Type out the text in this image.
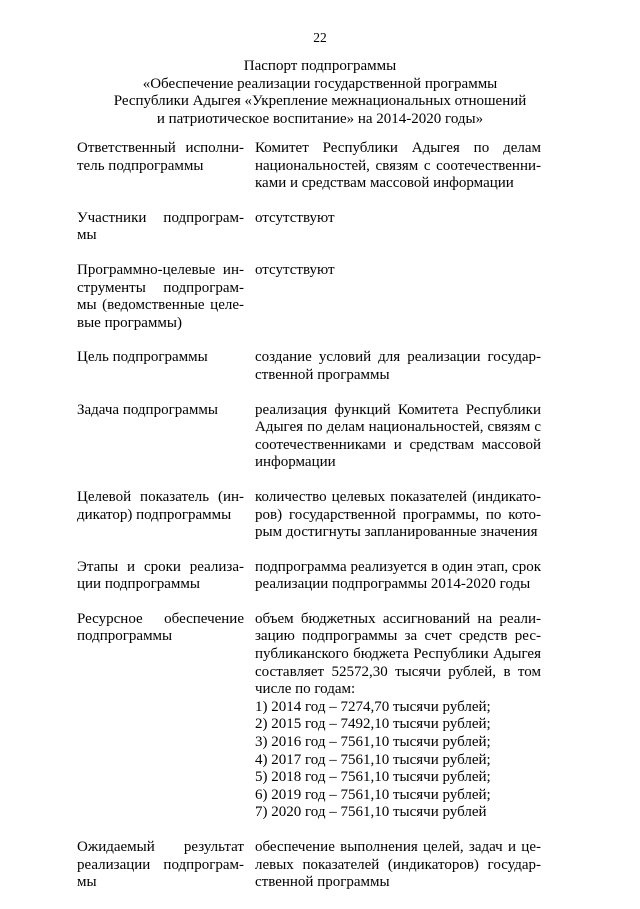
22
Паспорт подпрограммы
«Обеспечение реализации государственной программы
Республики Адыгея «Укрепление межнациональных отношений
и патриотическое воспитание» на 2014-2020 годы»
Ответственный исполнитель подпрограммы
Комитет Республики Адыгея по делам национальностей, связям с соотечественниками и средствам массовой информации
Участники подпрограммы
отсутствуют
Программно-целевые инструменты подпрограммы (ведомственные целевые программы)
отсутствуют
Цель подпрограммы	создание условий для реализации государственной программы
Задача подпрограммы	реализация функций Комитета Республики Адыгея по делам национальностей, связям с соотечественниками и средствам массовой информации
Целевой показатель (индикатор) подпрограммы
количество целевых показателей (индикаторов) государственной программы, по которым достигнуты запланированные значения
Этапы и сроки реализации подпрограммы
подпрограмма реализуется в один этап, срок реализации подпрограммы 2014-2020 годы
Ресурсное обеспечение подпрограммы
объем бюджетных ассигнований на реализацию подпрограммы за счет средств республиканского бюджета Республики Адыгея составляет 52572,30 тысячи рублей, в том числе по годам:
1) 2014 год – 7274,70 тысячи рублей;
2) 2015 год – 7492,10 тысячи рублей;
3) 2016 год – 7561,10 тысячи рублей;
4) 2017 год – 7561,10 тысячи рублей;
5) 2018 год – 7561,10 тысячи рублей;
6) 2019 год – 7561,10 тысячи рублей;
7) 2020 год – 7561,10 тысячи рублей
Ожидаемый результат реализации подпрограммы
обеспечение выполнения целей, задач и целевых показателей (индикаторов) государственной программы
